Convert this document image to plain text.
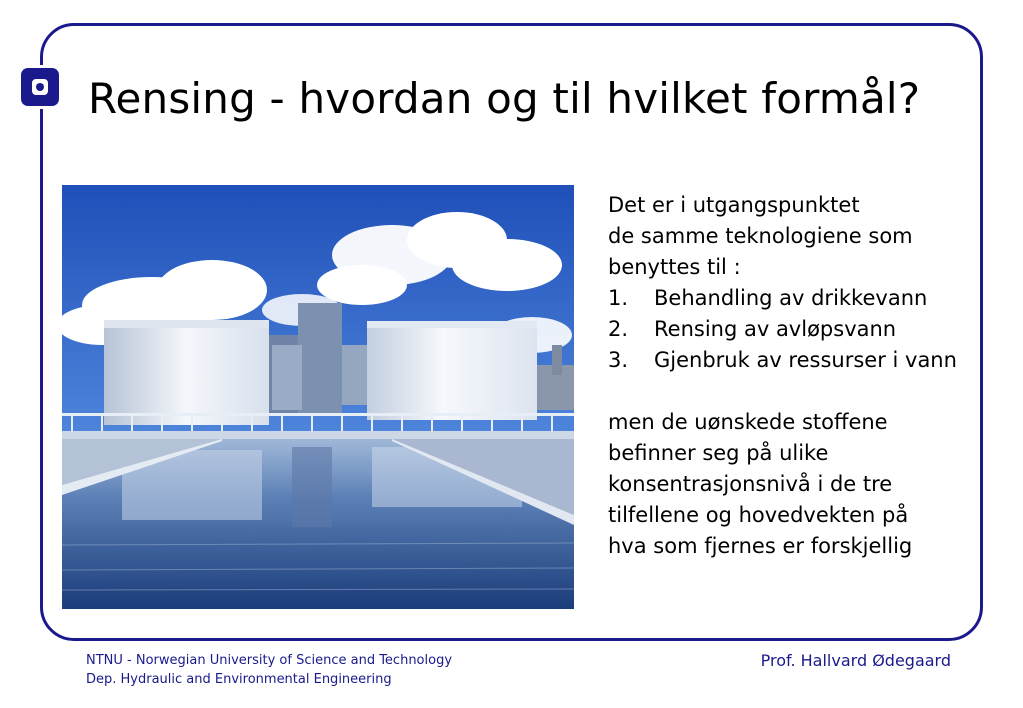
Rensing - hvordan og til hvilket formål?

Det er i utgangspunktet

de samme teknologiene som

benyttes til :

1.	Behandling av drikkevann
2.	Rensing av avløpsvann
3.	Gjenbruk av ressurser i vann

men de uønskede stoffene

befinner seg på ulike

konsentrasjonsnivå i de tre

tilfellene og hovedvekten på

hva som fjernes er forskjellig

NTNU - Norwegian University of Science and Technology
Dep. Hydraulic and Environmental Engineering
Prof. Hallvard Ødegaard
